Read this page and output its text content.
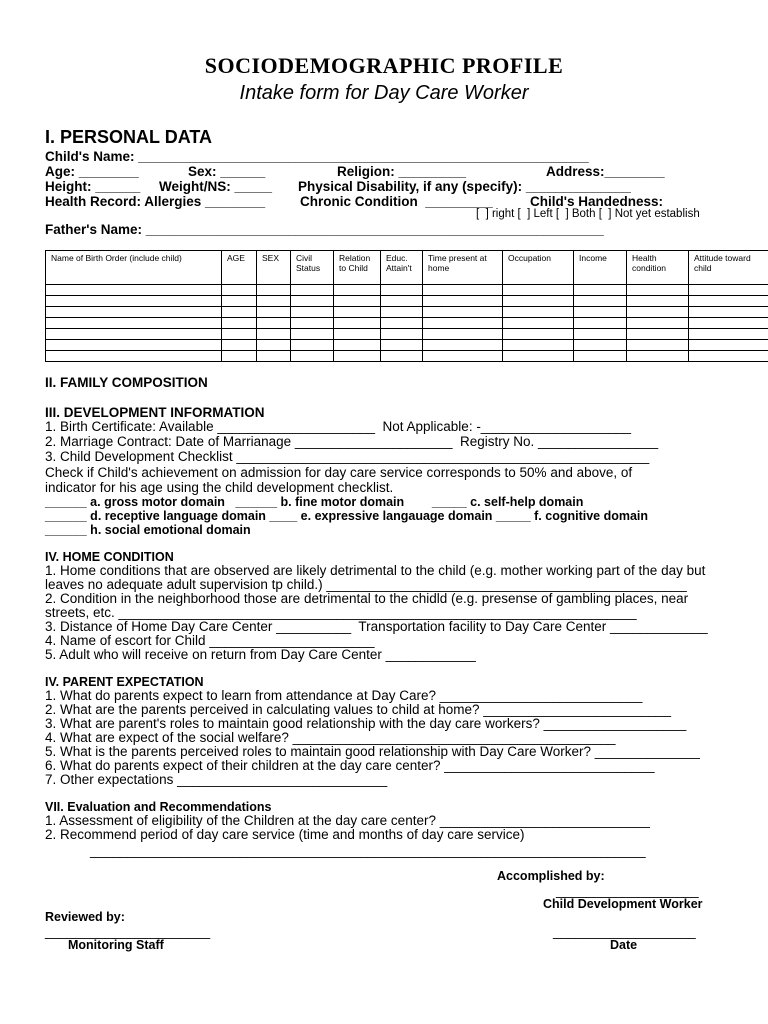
SOCIODEMOGRAPHIC PROFILE
Intake form for Day Care Worker
I. PERSONAL DATA
Child's Name: ____________________________________________________________
Age: ________	Sex: ______	Religion: _________	Address:________
Height: ______ Weight/NS: _____ Physical Disability, if any (specify): ______________
Health Record: Allergies ________	Chronic Condition  _________	Child's Handedness:
[  ] right [  ] Left [  ] Both [  ] Not yet establish
Father's Name: _____________________________________________________________
Name of Birth Order (include child)	AGE	SEX	Civil Status	Relation to Child	Educ. Attain't	Time present at home	Occupation	Income	Health condition	Attitude toward child

II. FAMILY COMPOSITION
III. DEVELOPMENT INFORMATION
1. Birth Certificate: Available _____________________  Not Applicable: -____________________
2. Marriage Contract: Date of Marrianage _____________________  Registry No. ________________
3. Child Development Checklist _______________________________________________________
Check if Child's achievement on admission for day care service corresponds to 50% and above, of
indicator for his age using the child development checklist.
______ a. gross motor domain   ______ b. fine motor domain        _____ c. self-help domain
______ d. receptive language domain ____ e. expressive langauage domain _____ f. cognitive domain
______ h. social emotional domain
IV. HOME CONDITION
1. Home conditions that are observed are likely detrimental to the child (e.g. mother working part of the day but
leaves no adequate adult supervision tp child.) ________________________________________________
2. Condition in the neighborhood those are detrimental to the chidld (e.g. presense of gambling places, near
streets, etc. _____________________________________________________________________
3. Distance of Home Day Care Center __________  Transportation facility to Day Care Center _____________
4. Name of escort for Child ______________________
5. Adult who will receive on return from Day Care Center ____________
IV. PARENT EXPECTATION
1. What do parents expect to learn from attendance at Day Care? ___________________________
2. What are the parents perceived in calculating values to child at home? _________________________
3. What are parent's roles to maintain good relationship with the day care workers? ___________________
4. What are expect of the social welfare? ___________________________________________
5. What is the parents perceived roles to maintain good relationship with Day Care Worker? ______________
6. What do parents expect of their children at the day care center? ____________________________
7. Other expectations ____________________________
VII. Evaluation and Recommendations
1. Assessment of eligibility of the Children at the day care center? ____________________________
2. Recommend period of day care service (time and months of day care service)
__________________________________________________________________________
Accomplished by:
___________________
Child Development Worker
Reviewed by:
______________________	___________________
Monitoring Staff	Date
